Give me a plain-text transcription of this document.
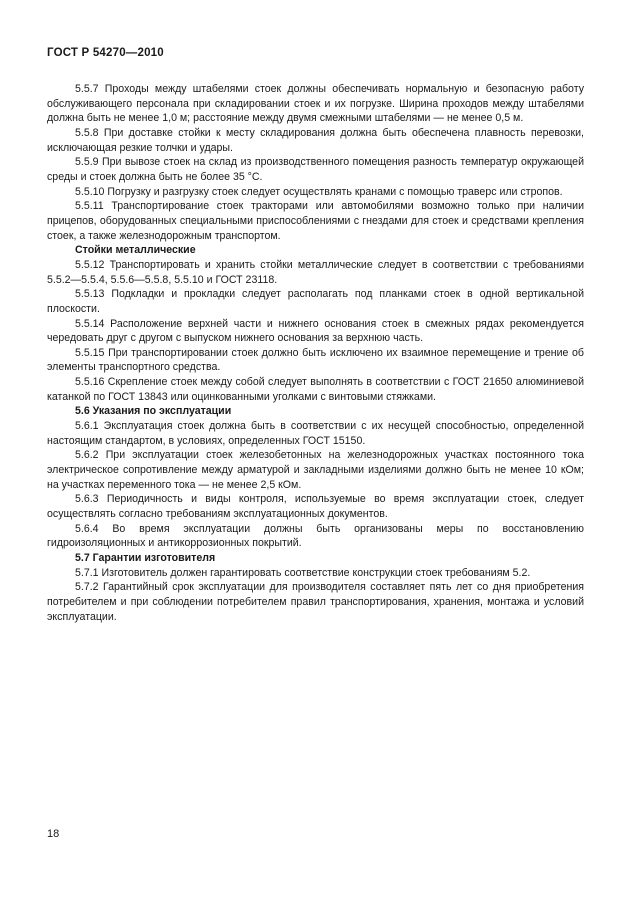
ГОСТ Р 54270—2010

5.5.7 Проходы между штабелями стоек должны обеспечивать нормальную и безопасную работу обслуживающего персонала при складировании стоек и их погрузке. Ширина проходов между штабелями должна быть не менее 1,0 м; расстояние между двумя смежными штабелями — не менее 0,5 м.

5.5.8 При доставке стойки к месту складирования должна быть обеспечена плавность перевозки, исключающая резкие толчки и удары.

5.5.9 При вывозе стоек на склад из производственного помещения разность температур окружающей среды и стоек должна быть не более 35 °С.

5.5.10 Погрузку и разгрузку стоек следует осуществлять кранами с помощью траверс или стропов.

5.5.11 Транспортирование стоек тракторами или автомобилями возможно только при наличии прицепов, оборудованных специальными приспособлениями с гнездами для стоек и средствами крепления стоек, а также железнодорожным транспортом.

Стойки металлические

5.5.12 Транспортировать и хранить стойки металлические следует в соответствии с требованиями 5.5.2—5.5.4, 5.5.6—5.5.8, 5.5.10 и ГОСТ 23118.

5.5.13 Подкладки и прокладки следует располагать под планками стоек в одной вертикальной плоскости.

5.5.14 Расположение верхней части и нижнего основания стоек в смежных рядах рекомендуется чередовать друг с другом с выпуском нижнего основания за верхнюю часть.

5.5.15 При транспортировании стоек должно быть исключено их взаимное перемещение и трение об элементы транспортного средства.

5.5.16 Скрепление стоек между собой следует выполнять в соответствии с ГОСТ 21650 алюминиевой катанкой по ГОСТ 13843 или оцинкованными уголками с винтовыми стяжками.

5.6 Указания по эксплуатации

5.6.1 Эксплуатация стоек должна быть в соответствии с их несущей способностью, определенной настоящим стандартом, в условиях, определенных ГОСТ 15150.

5.6.2 При эксплуатации стоек железобетонных на железнодорожных участках постоянного тока электрическое сопротивление между арматурой и закладными изделиями должно быть не менее 10 кОм; на участках переменного тока — не менее 2,5 кОм.

5.6.3 Периодичность и виды контроля, используемые во время эксплуатации стоек, следует осуществлять согласно требованиям эксплуатационных документов.

5.6.4 Во время эксплуатации должны быть организованы меры по восстановлению гидроизоляционных и антикоррозионных покрытий.

5.7 Гарантии изготовителя

5.7.1 Изготовитель должен гарантировать соответствие конструкции стоек требованиям 5.2.

5.7.2 Гарантийный срок эксплуатации для производителя составляет пять лет со дня приобретения потребителем и при соблюдении потребителем правил транспортирования, хранения, монтажа и условий эксплуатации.

18
